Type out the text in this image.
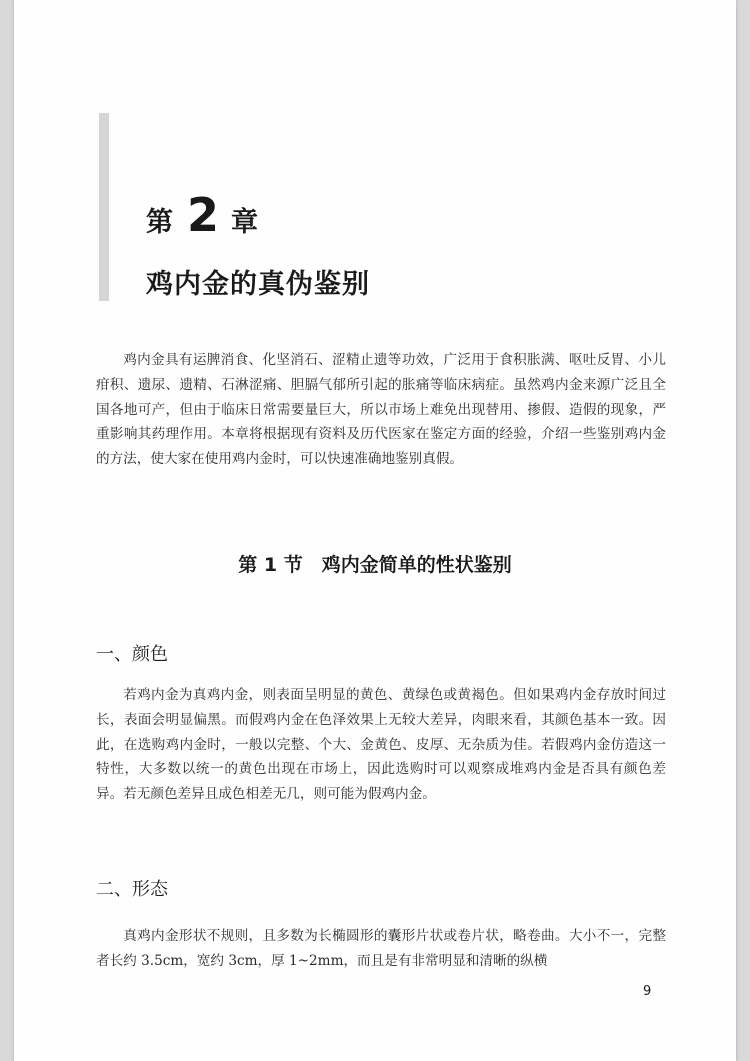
第 2 章
鸡内金的真伪鉴别

鸡内金具有运脾消食、化坚消石、涩精止遗等功效，广泛用于食积胀满、呕吐反胃、小儿疳积、遗尿、遗精、石淋涩痛、胆膈气郁所引起的胀痛等临床病症。虽然鸡内金来源广泛且全国各地可产，但由于临床日常需要量巨大，所以市场上难免出现替用、掺假、造假的现象，严重影响其药理作用。本章将根据现有资料及历代医家在鉴定方面的经验，介绍一些鉴别鸡内金的方法，使大家在使用鸡内金时，可以快速准确地鉴别真假。

第 1 节　鸡内金简单的性状鉴别
一、颜色

若鸡内金为真鸡内金，则表面呈明显的黄色、黄绿色或黄褐色。但如果鸡内金存放时间过长，表面会明显偏黑。而假鸡内金在色泽效果上无较大差异，肉眼来看，其颜色基本一致。因此，在选购鸡内金时，一般以完整、个大、金黄色、皮厚、无杂质为佳。若假鸡内金仿造这一特性，大多数以统一的黄色出现在市场上，因此选购时可以观察成堆鸡内金是否具有颜色差异。若无颜色差异且成色相差无几，则可能为假鸡内金。

二、形态

真鸡内金形状不规则，且多数为长椭圆形的囊形片状或卷片状，略卷曲。大小不一，完整者长约 3.5cm，宽约 3cm，厚 1~2mm，而且是有非常明显和清晰的纵横

9
